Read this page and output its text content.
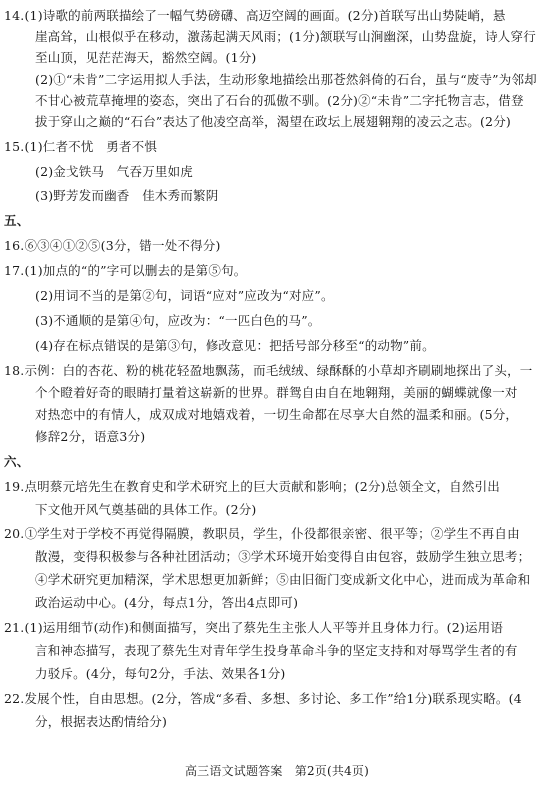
14.(1)诗歌的前两联描绘了一幅气势磅礴、高迈空阔的画面。(2分)首联写出山势陡峭，悬
崖高耸，山根似乎在移动，激荡起满天风雨；(1分)颔联写山涧幽深，山势盘旋，诗人穿行
至山顶，见茫茫海天，豁然空阔。(1分)
(2)①“未肯”二字运用拟人手法，生动形象地描绘出那苍然斜倚的石台，虽与“废寺”为邻却
不甘心被荒草掩埋的姿态，突出了石台的孤傲不驯。(2分)②“未肯”二字托物言志，借登
拔于穿山之巅的“石台”表达了他凌空高举，渴望在政坛上展翅翱翔的凌云之志。(2分)
15.(1)仁者不忧　勇者不惧
(2)金戈铁马　气吞万里如虎
(3)野芳发而幽香　佳木秀而繁阴
五、
16.⑥③④①②⑤(3分，错一处不得分)
17.(1)加点的“的”字可以删去的是第⑤句。
(2)用词不当的是第②句，词语“应对”应改为“对应”。
(3)不通顺的是第④句，应改为：“一匹白色的马”。
(4)存在标点错误的是第③句，修改意见：把括号部分移至“的动物”前。
18.示例：白的杏花、粉的桃花轻盈地飘荡，而毛绒绒、绿酥酥的小草却齐刷刷地探出了头，一
个个瞪着好奇的眼睛打量着这崭新的世界。群鸳自由自在地翱翔，美丽的蝴蝶就像一对
对热恋中的有情人，成双成对地嬉戏着，一切生命都在尽享大自然的温柔和丽。(5分，
修辞2分，语意3分)
六、
19.点明蔡元培先生在教育史和学术研究上的巨大贡献和影响；(2分)总领全文，自然引出
下文他开风气奠基础的具体工作。(2分)
20.①学生对于学校不再觉得隔膜，教职员，学生，仆役都很亲密、很平等；②学生不再自由
散漫，变得积极参与各种社团活动；③学术环境开始变得自由包容，鼓励学生独立思考；
④学术研究更加精深，学术思想更加新鲜；⑤由旧衙门变成新文化中心，进而成为革命和
政治运动中心。(4分，每点1分，答出4点即可)
21.(1)运用细节(动作)和侧面描写，突出了蔡先生主张人人平等并且身体力行。(2)运用语
言和神态描写，表现了蔡先生对青年学生投身革命斗争的坚定支持和对辱骂学生者的有
力驳斥。(4分，每句2分，手法、效果各1分)
22.发展个性，自由思想。(2分，答成“多看、多想、多讨论、多工作”给1分)联系现实略。(4
分，根据表达酌情给分)
高三语文试题答案　第2页(共4页)
